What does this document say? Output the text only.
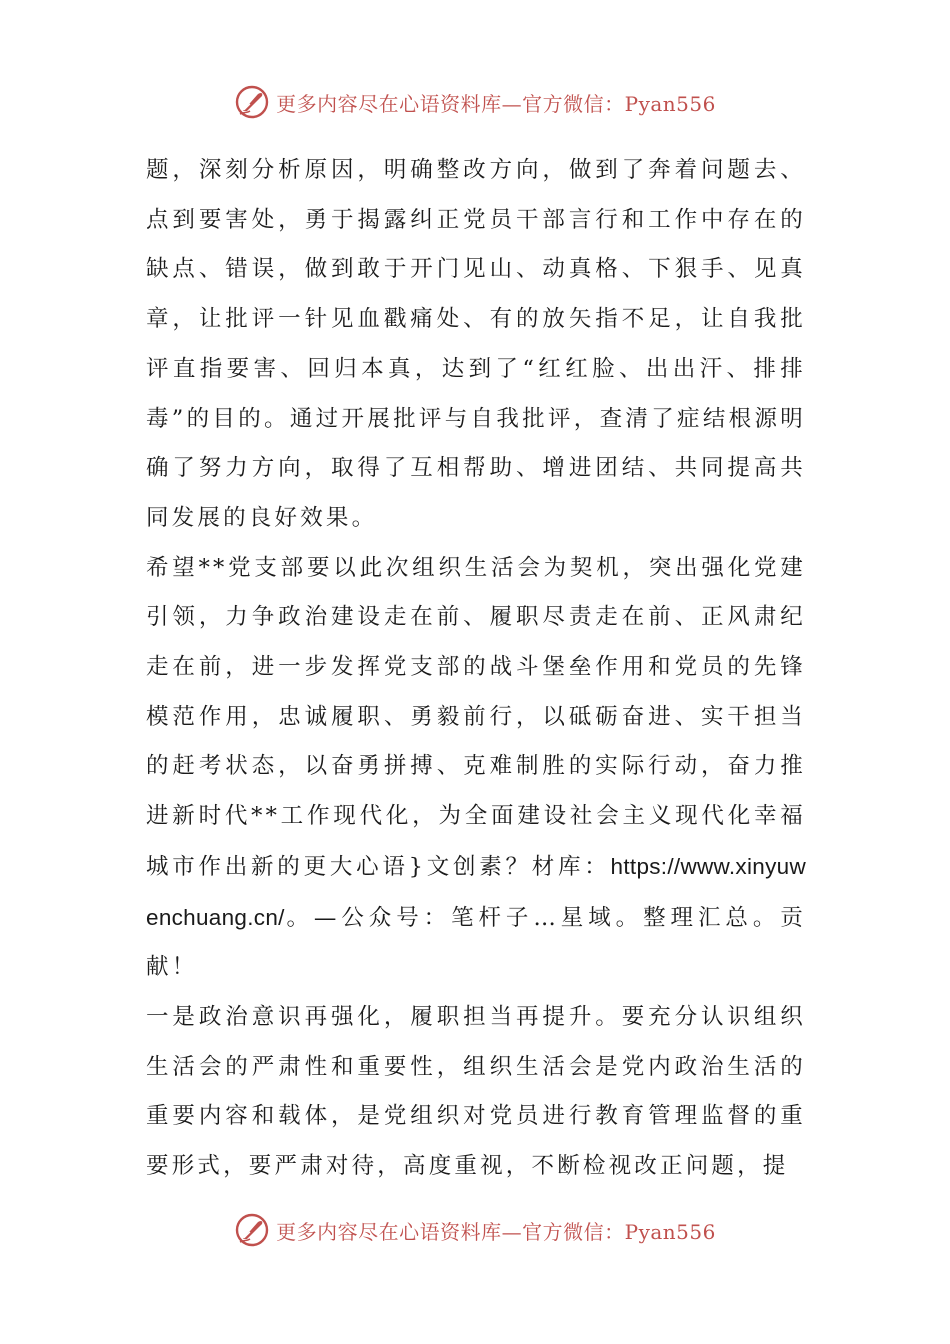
更多内容尽在心语资料库—官方微信：Pyan556

题，深刻分析原因，明确整改方向，做到了奔着问题去、点到要害处，勇于揭露纠正党员干部言行和工作中存在的缺点、错误，做到敢于开门见山、动真格、下狠手、见真章，让批评一针见血戳痛处、有的放矢指不足，让自我批评直指要害、回归本真，达到了“红红脸、出出汗、排排毒”的目的。通过开展批评与自我批评，查清了症结根源明确了努力方向，取得了互相帮助、增进团结、共同提高共同发展的良好效果。

希望**党支部要以此次组织生活会为契机，突出强化党建引领，力争政治建设走在前、履职尽责走在前、正风肃纪走在前，进一步发挥党支部的战斗堡垒作用和党员的先锋模范作用，忠诚履职、勇毅前行，以砥砺奋进、实干担当的赶考状态，以奋勇拼搏、克难制胜的实际行动，奋力推进新时代**工作现代化，为全面建设社会主义现代化幸福城市作出新的更大心语}文创素？材库：https://www.xinyuwenchuang.cn/。—公众号：笔杆子…星域。整理汇总。贡献！

一是政治意识再强化，履职担当再提升。要充分认识组织生活会的严肃性和重要性，组织生活会是党内政治生活的重要内容和载体，是党组织对党员进行教育管理监督的重要形式，要严肃对待，高度重视，不断检视改正问题，提

更多内容尽在心语资料库—官方微信：Pyan556
